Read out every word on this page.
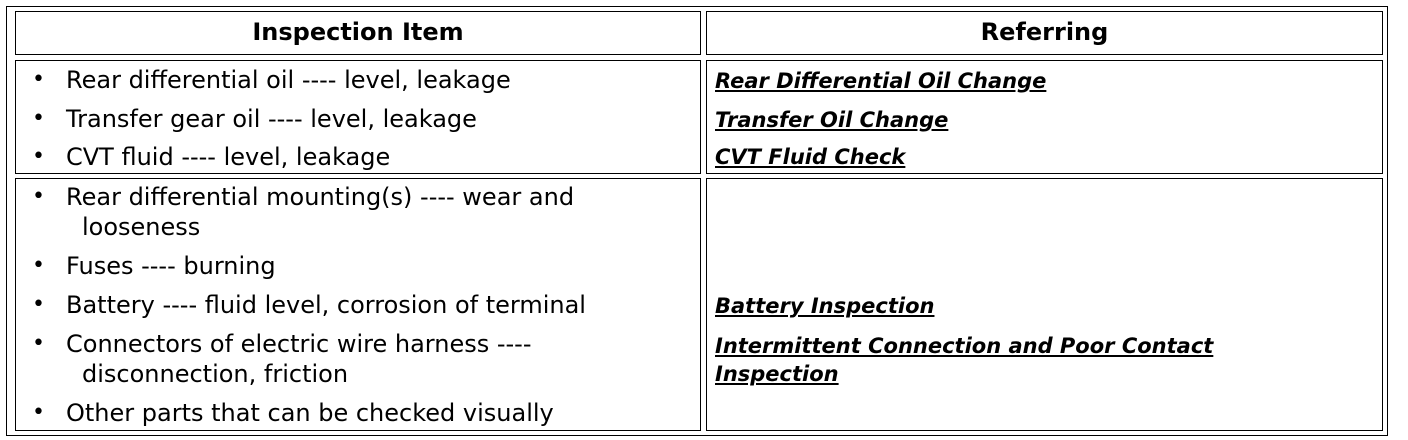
Inspection Item	Referring
• Rear differential oil ---- level, leakage
• Transfer gear oil ---- level, leakage
• CVT fluid ---- level, leakage
Rear Differential Oil Change
Transfer Oil Change
CVT Fluid Check
• Rear differential mounting(s) ---- wear and
looseness
• Fuses ---- burning
• Battery ---- fluid level, corrosion of terminal
• Connectors of electric wire harness ----
disconnection, friction
• Other parts that can be checked visually
Battery Inspection
Intermittent Connection and Poor Contact
Inspection
